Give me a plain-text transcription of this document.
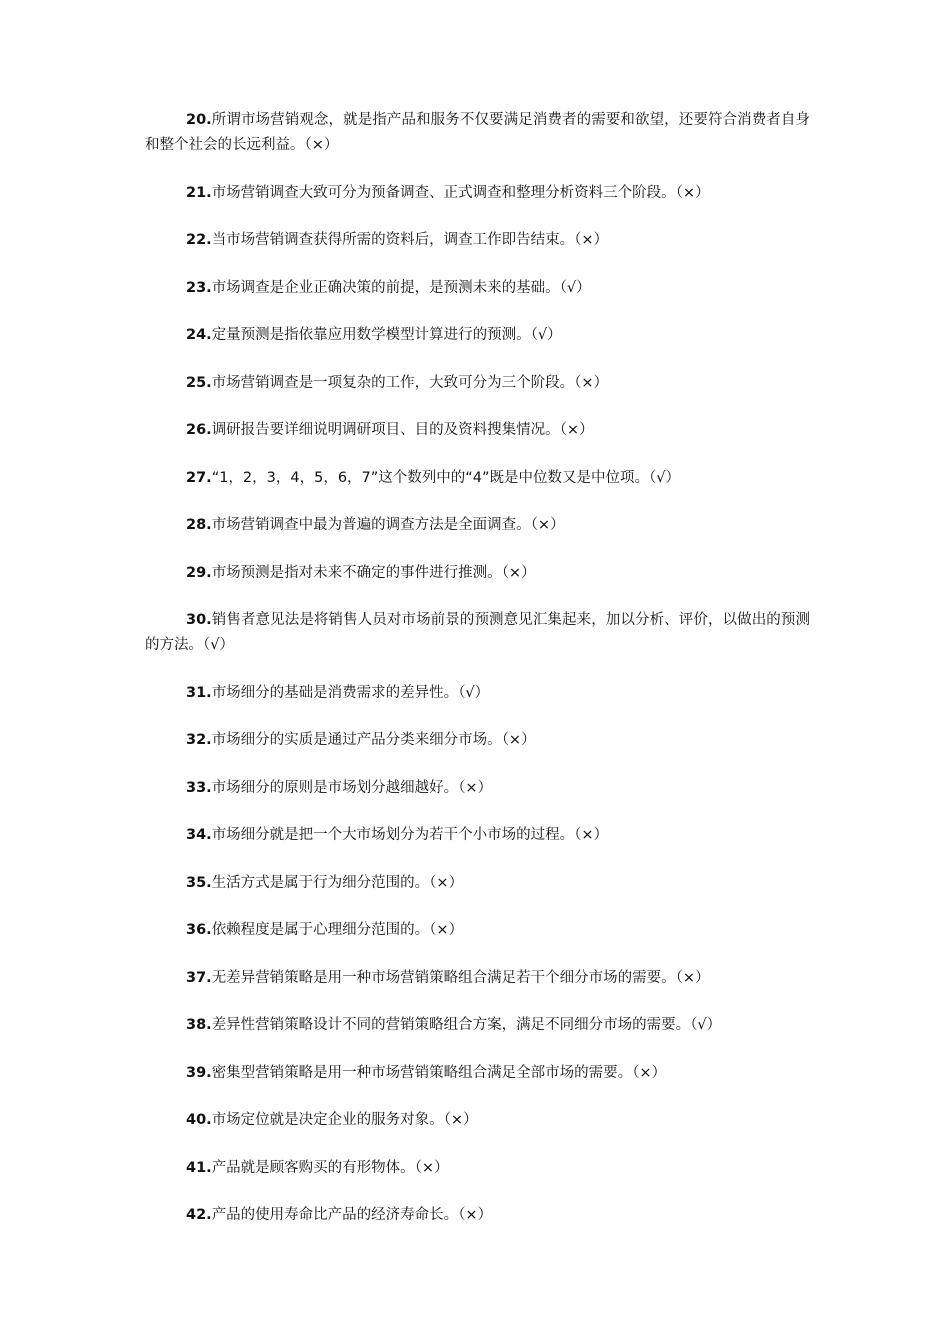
20.所谓市场营销观念，就是指产品和服务不仅要满足消费者的需要和欲望，还要符合消费者自身和整个社会的长远利益。（×）

21.市场营销调查大致可分为预备调查、正式调查和整理分析资料三个阶段。（×）

22.当市场营销调查获得所需的资料后，调查工作即告结束。（×）

23.市场调查是企业正确决策的前提，是预测未来的基础。（√）

24.定量预测是指依靠应用数学模型计算进行的预测。（√）

25.市场营销调查是一项复杂的工作，大致可分为三个阶段。（×）

26.调研报告要详细说明调研项目、目的及资料搜集情况。（×）

27.“1，2，3，4，5，6，7”这个数列中的“4”既是中位数又是中位项。（√）

28.市场营销调查中最为普遍的调查方法是全面调查。（×）

29.市场预测是指对未来不确定的事件进行推测。（×）

30.销售者意见法是将销售人员对市场前景的预测意见汇集起来，加以分析、评价，以做出的预测的方法。（√）

31.市场细分的基础是消费需求的差异性。（√）

32.市场细分的实质是通过产品分类来细分市场。（×）

33.市场细分的原则是市场划分越细越好。（×）

34.市场细分就是把一个大市场划分为若干个小市场的过程。（×）

35.生活方式是属于行为细分范围的。（×）

36.依赖程度是属于心理细分范围的。（×）

37.无差异营销策略是用一种市场营销策略组合满足若干个细分市场的需要。（×）

38.差异性营销策略设计不同的营销策略组合方案，满足不同细分市场的需要。（√）

39.密集型营销策略是用一种市场营销策略组合满足全部市场的需要。（×）

40.市场定位就是决定企业的服务对象。（×）

41.产品就是顾客购买的有形物体。（×）

42.产品的使用寿命比产品的经济寿命长。（×）
